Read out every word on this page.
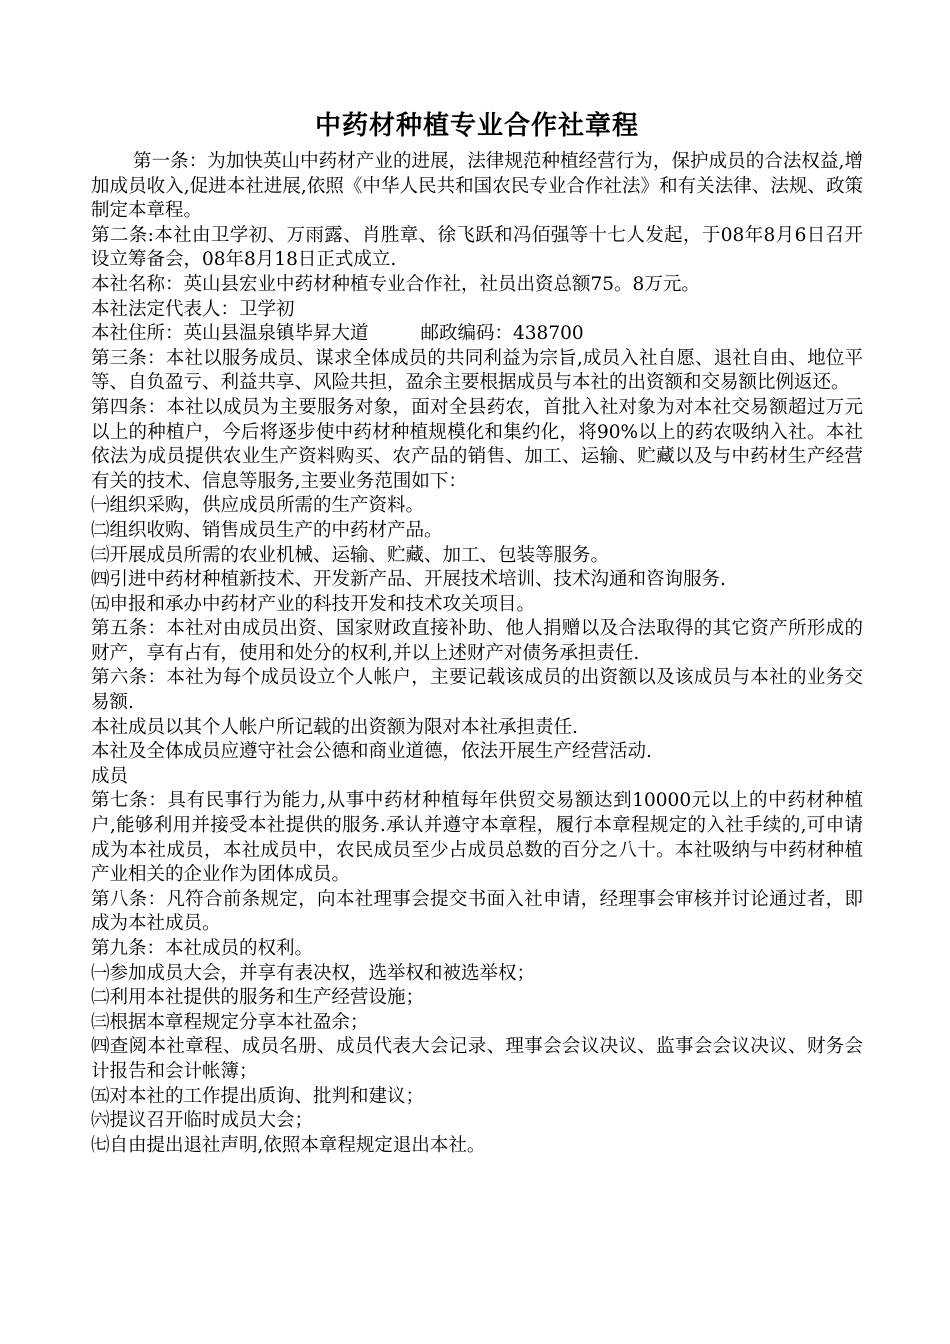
中药材种植专业合作社章程

第一条：为加快英山中药材产业的进展，法律规范种植经营行为，保护成员的合法权益,增加成员收入,促进本社进展,依照《中华人民共和国农民专业合作社法》和有关法律、法规、政策制定本章程。

第二条:本社由卫学初、万雨露、肖胜章、徐飞跃和冯佰强等十七人发起，于08年8月6日召开设立筹备会，08年8月18日正式成立.

本社名称：英山县宏业中药材种植专业合作社，社员出资总额75。8万元。

本社法定代表人：卫学初

本社住所：英山县温泉镇毕昇大道	邮政编码：438700

第三条：本社以服务成员、谋求全体成员的共同利益为宗旨,成员入社自愿、退社自由、地位平等、自负盈亏、利益共享、风险共担，盈余主要根据成员与本社的出资额和交易额比例返还。

第四条：本社以成员为主要服务对象，面对全县药农，首批入社对象为对本社交易额超过万元以上的种植户，今后将逐步使中药材种植规模化和集约化，将90%以上的药农吸纳入社。本社依法为成员提供农业生产资料购买、农产品的销售、加工、运输、贮藏以及与中药材生产经营有关的技术、信息等服务,主要业务范围如下：

㈠组织采购，供应成员所需的生产资料。

㈡组织收购、销售成员生产的中药材产品。

㈢开展成员所需的农业机械、运输、贮藏、加工、包装等服务。

㈣引进中药材种植新技术、开发新产品、开展技术培训、技术沟通和咨询服务.

㈤申报和承办中药材产业的科技开发和技术攻关项目。

第五条：本社对由成员出资、国家财政直接补助、他人捐赠以及合法取得的其它资产所形成的财产，享有占有，使用和处分的权利,并以上述财产对债务承担责任.

第六条：本社为每个成员设立个人帐户，主要记载该成员的出资额以及该成员与本社的业务交易额.

本社成员以其个人帐户所记载的出资额为限对本社承担责任.

本社及全体成员应遵守社会公德和商业道德，依法开展生产经营活动.

成员

第七条：具有民事行为能力,从事中药材种植每年供贸交易额达到10000元以上的中药材种植户,能够利用并接受本社提供的服务.承认并遵守本章程，履行本章程规定的入社手续的,可申请成为本社成员，本社成员中，农民成员至少占成员总数的百分之八十。本社吸纳与中药材种植产业相关的企业作为团体成员。

第八条：凡符合前条规定，向本社理事会提交书面入社申请，经理事会审核并讨论通过者，即成为本社成员。

第九条：本社成员的权利。

㈠参加成员大会，并享有表决权，选举权和被选举权；

㈡利用本社提供的服务和生产经营设施；

㈢根据本章程规定分享本社盈余；

㈣查阅本社章程、成员名册、成员代表大会记录、理事会会议决议、监事会会议决议、财务会计报告和会计帐簿；

㈤对本社的工作提出质询、批判和建议；

㈥提议召开临时成员大会；

㈦自由提出退社声明,依照本章程规定退出本社。
